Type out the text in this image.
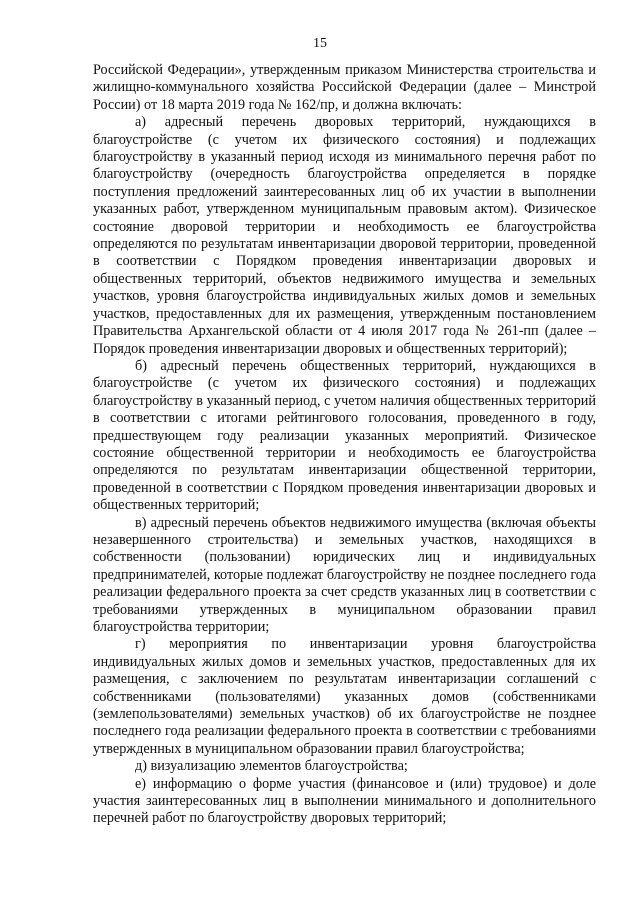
15

Российской Федерации», утвержденным приказом Министерства строительства и жилищно-коммунального хозяйства Российской Федерации (далее – Минстрой России) от 18 марта 2019 года № 162/пр, и должна включать:

а) адресный перечень дворовых территорий, нуждающихся в благоустройстве (с учетом их физического состояния) и подлежащих благоустройству в указанный период исходя из минимального перечня работ по благоустройству (очередность благоустройства определяется в порядке поступления предложений заинтересованных лиц об их участии в выполнении указанных работ, утвержденном муниципальным правовым актом). Физическое состояние дворовой территории и необходимость ее благоустройства определяются по результатам инвентаризации дворовой территории, проведенной в соответствии с Порядком проведения инвентаризации дворовых и общественных территорий, объектов недвижимого имущества и земельных участков, уровня благоустройства индивидуальных жилых домов и земельных участков, предоставленных для их размещения, утвержденным постановлением Правительства Архангельской области от 4 июля 2017 года № 261-пп (далее – Порядок проведения инвентаризации дворовых и общественных территорий);

б) адресный перечень общественных территорий, нуждающихся в благоустройстве (с учетом их физического состояния) и подлежащих благоустройству в указанный период, с учетом наличия общественных территорий в соответствии с итогами рейтингового голосования, проведенного в году, предшествующем году реализации указанных мероприятий. Физическое состояние общественной территории и необходимость ее благоустройства определяются по результатам инвентаризации общественной территории, проведенной в соответствии с Порядком проведения инвентаризации дворовых и общественных территорий;

в) адресный перечень объектов недвижимого имущества (включая объекты незавершенного строительства) и земельных участков, находящихся в собственности (пользовании) юридических лиц и индивидуальных предпринимателей, которые подлежат благоустройству не позднее последнего года реализации федерального проекта за счет средств указанных лиц в соответствии с требованиями утвержденных в муниципальном образовании правил благоустройства территории;

г) мероприятия по инвентаризации уровня благоустройства индивидуальных жилых домов и земельных участков, предоставленных для их размещения, с заключением по результатам инвентаризации соглашений с собственниками (пользователями) указанных домов (собственниками (землепользователями) земельных участков) об их благоустройстве не позднее последнего года реализации федерального проекта в соответствии с требованиями утвержденных в муниципальном образовании правил благоустройства;

д) визуализацию элементов благоустройства;

е) информацию о форме участия (финансовое и (или) трудовое) и доле участия заинтересованных лиц в выполнении минимального и дополнительного перечней работ по благоустройству дворовых территорий;
